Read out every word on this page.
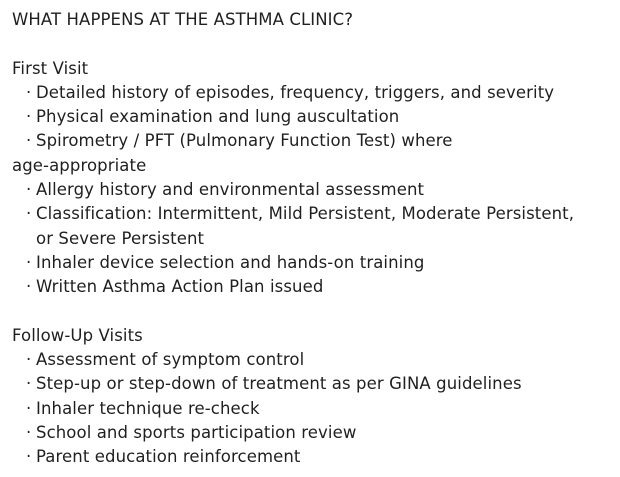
WHAT HAPPENS AT THE ASTHMA CLINIC?
First Visit
· Detailed history of episodes, frequency, triggers, and severity
· Physical examination and lung auscultation
· Spirometry / PFT (Pulmonary Function Test) where
age-appropriate
· Allergy history and environmental assessment
· Classification: Intermittent, Mild Persistent, Moderate Persistent,
or Severe Persistent
· Inhaler device selection and hands-on training
· Written Asthma Action Plan issued
Follow-Up Visits
· Assessment of symptom control
· Step-up or step-down of treatment as per GINA guidelines
· Inhaler technique re-check
· School and sports participation review
· Parent education reinforcement
